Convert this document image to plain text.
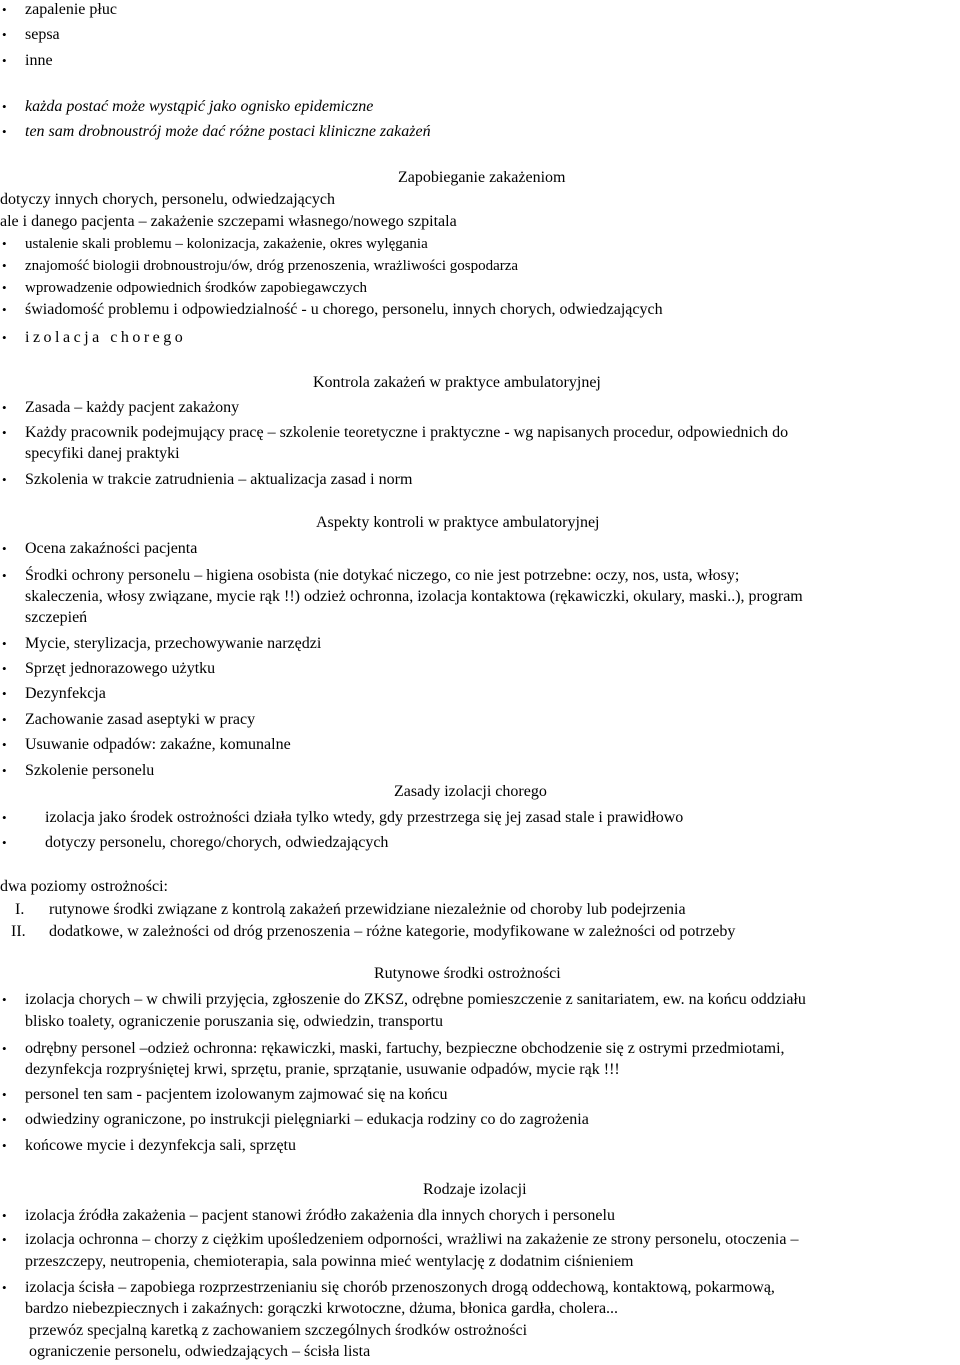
• zapalenie płuc
• sepsa
• inne
• każda postać może wystąpić jako ognisko epidemiczne
• ten sam drobnoustrój może dać różne postaci kliniczne zakażeń
Zapobieganie zakażeniom
dotyczy innych chorych, personelu, odwiedzających
ale i danego pacjenta – zakażenie szczepami własnego/nowego szpitala
• ustalenie skali problemu – kolonizacja, zakażenie, okres wylęgania
• znajomość biologii drobnoustroju/ów, dróg przenoszenia, wrażliwości gospodarza
• wprowadzenie odpowiednich środków zapobiegawczych
• świadomość problemu i odpowiedzialność - u chorego, personelu, innych chorych, odwiedzających
• izolacja chorego
Kontrola zakażeń w praktyce ambulatoryjnej
• Zasada – każdy pacjent zakażony
• Każdy pracownik podejmujący pracę – szkolenie teoretyczne i praktyczne - wg napisanych procedur, odpowiednich do
specyfiki danej praktyki
• Szkolenia w trakcie zatrudnienia – aktualizacja zasad i norm
Aspekty kontroli w praktyce ambulatoryjnej
• Ocena zakaźności pacjenta
• Środki ochrony personelu – higiena osobista (nie dotykać niczego, co nie jest potrzebne: oczy, nos, usta, włosy;
skaleczenia, włosy związane, mycie rąk !!) odzież ochronna, izolacja kontaktowa (rękawiczki, okulary, maski..), program
szczepień
• Mycie, sterylizacja, przechowywanie narzędzi
• Sprzęt jednorazowego użytku
• Dezynfekcja
• Zachowanie zasad aseptyki w pracy
• Usuwanie odpadów: zakaźne, komunalne
• Szkolenie personelu
Zasady izolacji chorego
• izolacja jako środek ostrożności działa tylko wtedy, gdy przestrzega się jej zasad stale i prawidłowo
• dotyczy personelu, chorego/chorych, odwiedzających
dwa poziomy ostrożności:
I. rutynowe środki związane z kontrolą zakażeń przewidziane niezależnie od choroby lub podejrzenia
II. dodatkowe, w zależności od dróg przenoszenia – różne kategorie, modyfikowane w zależności od potrzeby
Rutynowe środki ostrożności
• izolacja chorych – w chwili przyjęcia, zgłoszenie do ZKSZ, odrębne pomieszczenie z sanitariatem, ew. na końcu oddziału
blisko toalety, ograniczenie poruszania się, odwiedzin, transportu
• odrębny personel –odzież ochronna: rękawiczki, maski, fartuchy, bezpieczne obchodzenie się z ostrymi przedmiotami,
dezynfekcja rozpryśniętej krwi, sprzętu, pranie, sprzątanie, usuwanie odpadów, mycie rąk !!!
• personel ten sam - pacjentem izolowanym zajmować się na końcu
• odwiedziny ograniczone, po instrukcji pielęgniarki – edukacja rodziny co do zagrożenia
• końcowe mycie i dezynfekcja sali, sprzętu
Rodzaje izolacji
• izolacja źródła zakażenia – pacjent stanowi źródło zakażenia dla innych chorych i personelu
• izolacja ochronna – chorzy z ciężkim upośledzeniem odporności, wrażliwi na zakażenie ze strony personelu, otoczenia –
przeszczepy, neutropenia, chemioterapia, sala powinna mieć wentylację z dodatnim ciśnieniem
• izolacja ścisła – zapobiega rozprzestrzenianiu się chorób przenoszonych drogą oddechową, kontaktową, pokarmową,
bardzo niebezpiecznych i zakaźnych: gorączki krwotoczne, dżuma, błonica gardła, cholera...
przewóz specjalną karetką z zachowaniem szczególnych środków ostrożności
ograniczenie personelu, odwiedzających – ścisła lista
